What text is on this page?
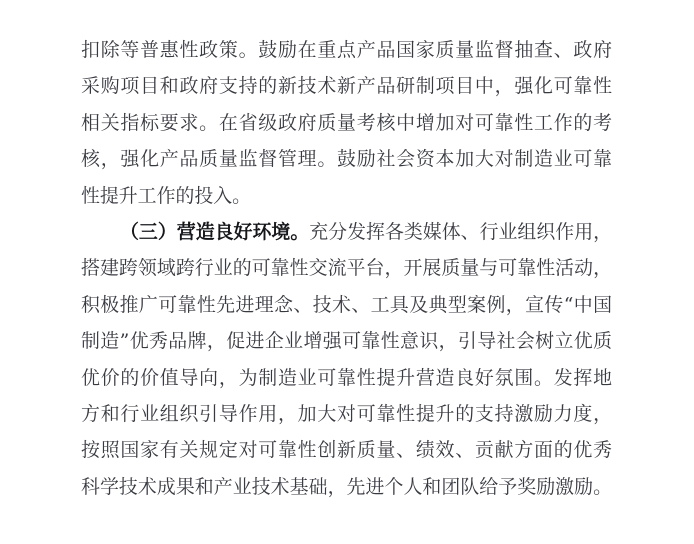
扣除等普惠性政策。鼓励在重点产品国家质量监督抽查、政府
采购项目和政府支持的新技术新产品研制项目中，强化可靠性
相关指标要求。在省级政府质量考核中增加对可靠性工作的考
核，强化产品质量监督管理。鼓励社会资本加大对制造业可靠
性提升工作的投入。
（三）营造良好环境。充分发挥各类媒体、行业组织作用，
搭建跨领域跨行业的可靠性交流平台，开展质量与可靠性活动，
积极推广可靠性先进理念、技术、工具及典型案例，宣传“中国
制造”优秀品牌，促进企业增强可靠性意识，引导社会树立优质
优价的价值导向，为制造业可靠性提升营造良好氛围。发挥地
方和行业组织引导作用，加大对可靠性提升的支持激励力度，
按照国家有关规定对可靠性创新质量、绩效、贡献方面的优秀
科学技术成果和产业技术基础，先进个人和团队给予奖励激励。
